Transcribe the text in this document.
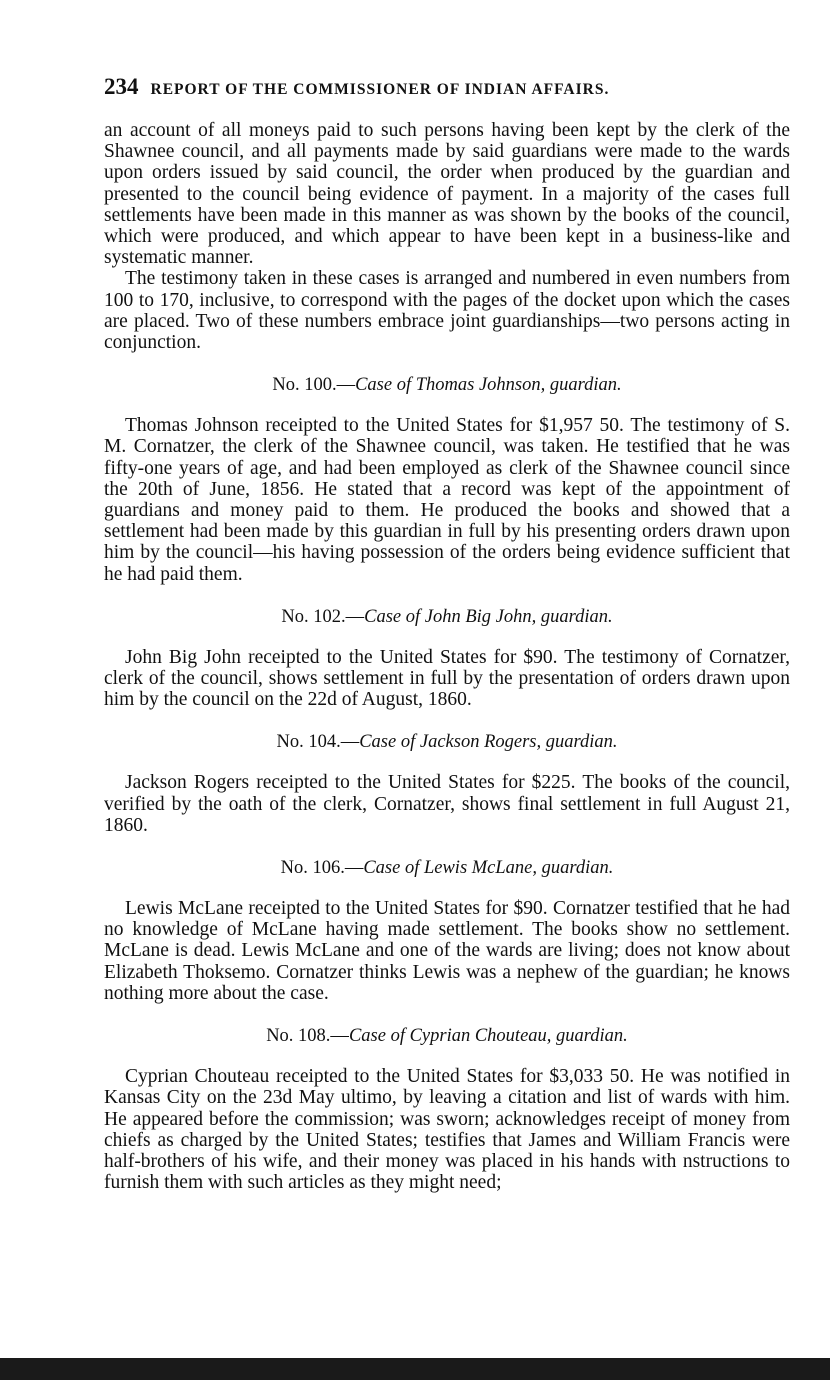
234 REPORT OF THE COMMISSIONER OF INDIAN AFFAIRS.

an account of all moneys paid to such persons having been kept by the clerk of the Shawnee council, and all payments made by said guardians were made to the wards upon orders issued by said council, the order when produced by the guardian and presented to the council being evidence of payment. In a majority of the cases full settlements have been made in this manner as was shown by the books of the council, which were produced, and which appear to have been kept in a business-like and systematic manner.

The testimony taken in these cases is arranged and numbered in even numbers from 100 to 170, inclusive, to correspond with the pages of the docket upon which the cases are placed. Two of these numbers embrace joint guardianships—two persons acting in conjunction.

No. 100.—Case of Thomas Johnson, guardian.

Thomas Johnson receipted to the United States for $1,957 50. The testimony of S. M. Cornatzer, the clerk of the Shawnee council, was taken. He testified that he was fifty-one years of age, and had been employed as clerk of the Shawnee council since the 20th of June, 1856. He stated that a record was kept of the appointment of guardians and money paid to them. He produced the books and showed that a settlement had been made by this guardian in full by his presenting orders drawn upon him by the council—his having possession of the orders being evidence sufficient that he had paid them.

No. 102.—Case of John Big John, guardian.

John Big John receipted to the United States for $90. The testimony of Cornatzer, clerk of the council, shows settlement in full by the presentation of orders drawn upon him by the council on the 22d of August, 1860.

No. 104.—Case of Jackson Rogers, guardian.

Jackson Rogers receipted to the United States for $225. The books of the council, verified by the oath of the clerk, Cornatzer, shows final settlement in full August 21, 1860.

No. 106.—Case of Lewis McLane, guardian.

Lewis McLane receipted to the United States for $90. Cornatzer testified that he had no knowledge of McLane having made settlement. The books show no settlement. McLane is dead. Lewis McLane and one of the wards are living; does not know about Elizabeth Thoksemo. Cornatzer thinks Lewis was a nephew of the guardian; he knows nothing more about the case.

No. 108.—Case of Cyprian Chouteau, guardian.

Cyprian Chouteau receipted to the United States for $3,033 50. He was notified in Kansas City on the 23d May ultimo, by leaving a citation and list of wards with him. He appeared before the commission; was sworn; acknowledges receipt of money from chiefs as charged by the United States; testifies that James and William Francis were half-brothers of his wife, and their money was placed in his hands with nstructions to furnish them with such articles as they might need;
